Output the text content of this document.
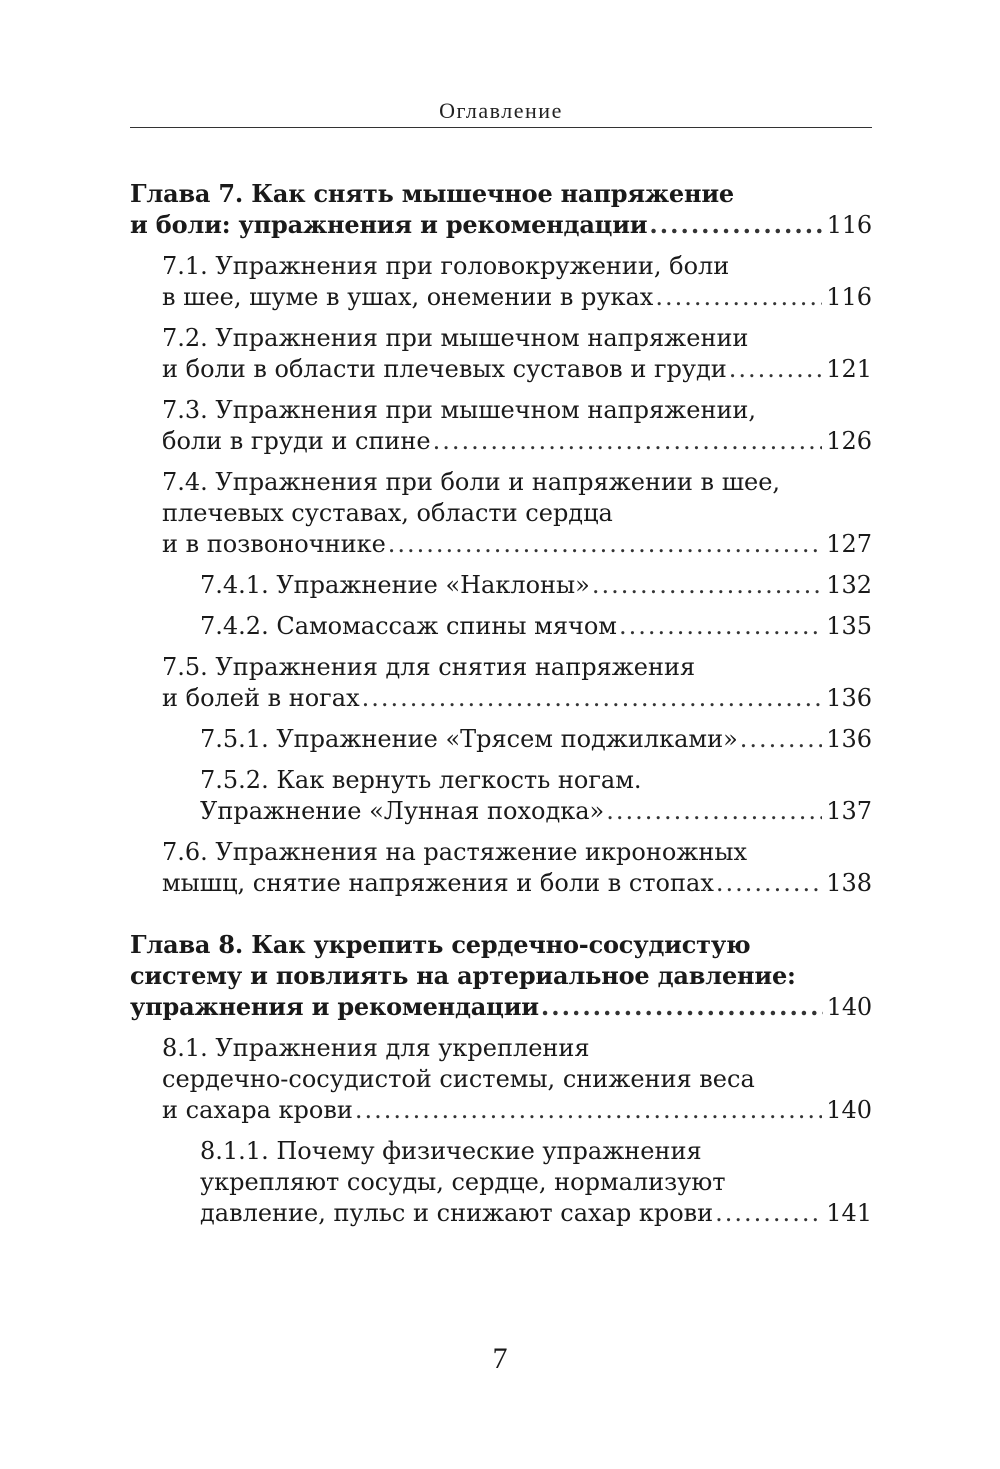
Оглавление
Глава 7. Как снять мышечное напряжение
и боли: упражнения и рекомендации .....	116
7.1. Упражнения при головокружении, боли
в шее, шуме в ушах, онемении в руках .....	116
7.2. Упражнения при мышечном напряжении
и боли в области плечевых суставов и груди .....	121
7.3. Упражнения при мышечном напряжении,
боли в груди и спине .....	126
7.4. Упражнения при боли и напряжении в шее,
плечевых суставах, области сердца
и в позвоночнике .....	127
7.4.1. Упражнение «Наклоны» .....	132
7.4.2. Самомассаж спины мячом .....	135
7.5. Упражнения для снятия напряжения
и болей в ногах .....	136
7.5.1. Упражнение «Трясем поджилками» .....	136
7.5.2. Как вернуть легкость ногам.
Упражнение «Лунная походка» .....	137
7.6. Упражнения на растяжение икроножных
мышц, снятие напряжения и боли в стопах .....	138
Глава 8. Как укрепить сердечно-сосудистую
систему и повлиять на артериальное давление:
упражнения и рекомендации .....	140
8.1. Упражнения для укрепления
сердечно-сосудистой системы, снижения веса
и сахара крови .....	140
8.1.1. Почему физические упражнения
укрепляют сосуды, сердце, нормализуют
давление, пульс и снижают сахар крови .....	141
7
